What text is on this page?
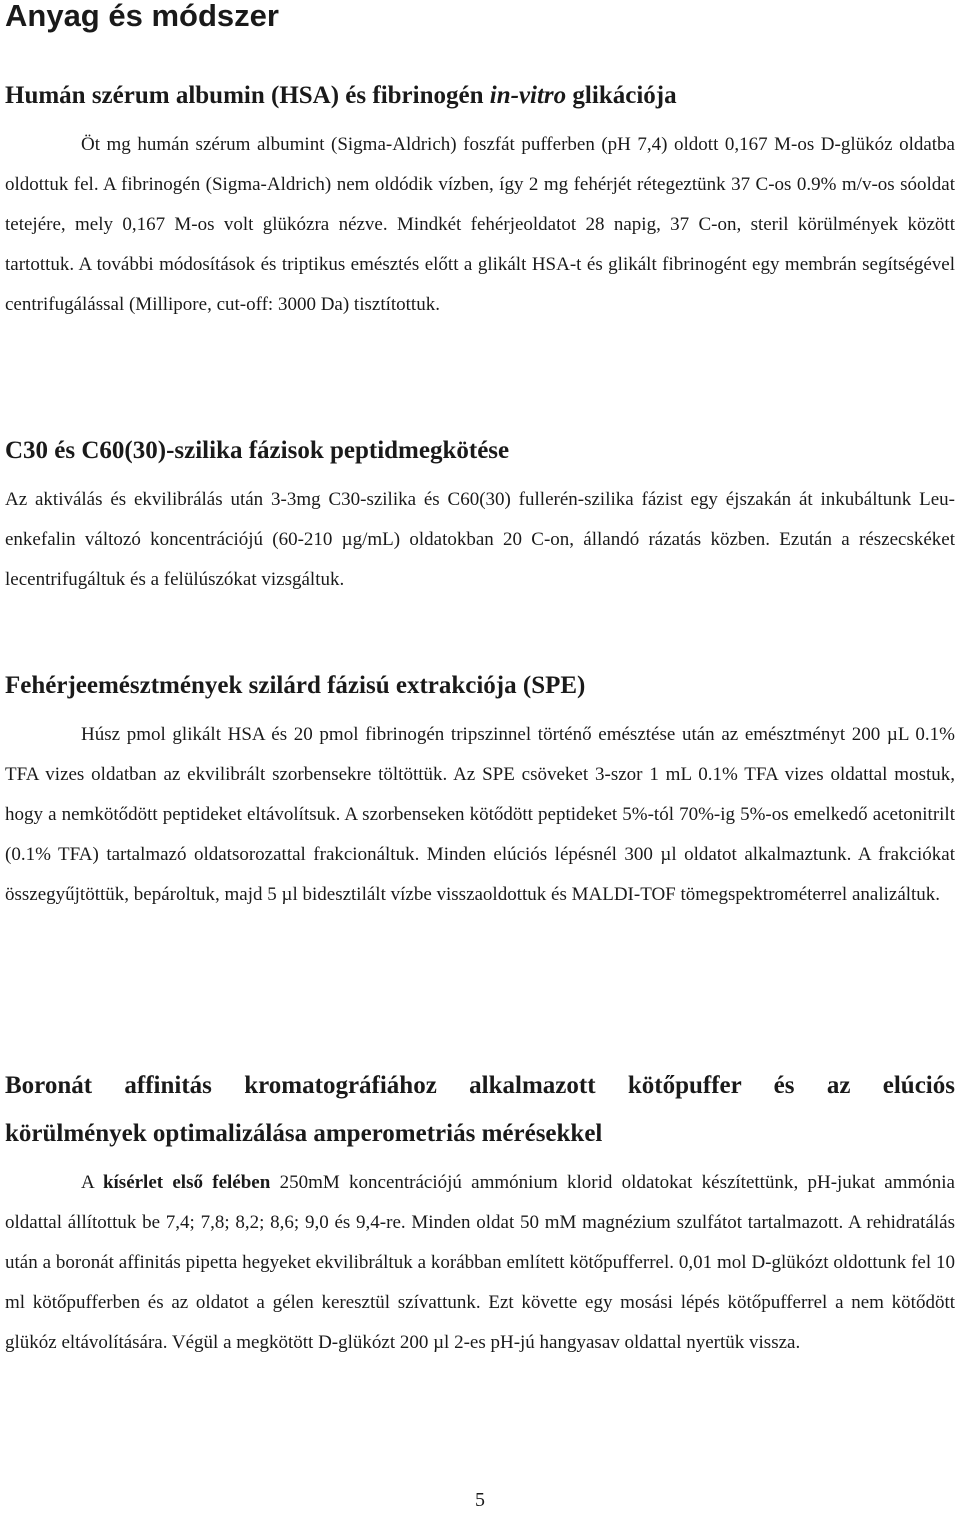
Anyag és módszer
Humán szérum albumin (HSA) és fibrinogén in-vitro glikációja

Öt mg humán szérum albumint (Sigma-Aldrich) foszfát pufferben (pH 7,4) oldott 0,167 M-os D-glükóz oldatba oldottuk fel. A fibrinogén (Sigma-Aldrich) nem oldódik vízben, így 2 mg fehérjét rétegeztünk 37 C-os 0.9% m/v-os sóoldat tetejére, mely 0,167 M-os volt glükózra nézve. Mindkét fehérjeoldatot 28 napig, 37 C-on, steril körülmények között tartottuk. A további módosítások és triptikus emésztés előtt a glikált HSA-t és glikált fibrinogént egy membrán segítségével centrifugálással (Millipore, cut-off: 3000 Da) tisztítottuk.

C30 és C60(30)-szilika fázisok peptidmegkötése

Az aktiválás és ekvilibrálás után 3-3mg C30-szilika és C60(30) fullerén-szilika fázist egy éjszakán át inkubáltunk Leu-enkefalin változó koncentrációjú (60-210 µg/mL) oldatokban 20 C-on, állandó rázatás közben. Ezután a részecskéket lecentrifugáltuk és a felülúszókat vizsgáltuk.

Fehérjeemésztmények szilárd fázisú extrakciója (SPE)

Húsz pmol glikált HSA és 20 pmol fibrinogén tripszinnel történő emésztése után az emésztményt 200 µL 0.1% TFA vizes oldatban az ekvilibrált szorbensekre töltöttük. Az SPE csöveket 3-szor 1 mL 0.1% TFA vizes oldattal mostuk, hogy a nemkötődött peptideket eltávolítsuk. A szorbenseken kötődött peptideket 5%-tól 70%-ig 5%-os emelkedő acetonitrilt (0.1% TFA) tartalmazó oldatsorozattal frakcionáltuk. Minden elúciós lépésnél 300 µl oldatot alkalmaztunk. A frakciókat összegyűjtöttük, bepároltuk, majd 5 µl bidesztilált vízbe visszaoldottuk és MALDI-TOF tömegspektrométerrel analizáltuk.

Boronát affinitás kromatográfiához alkalmazott kötőpuffer és az elúciós
körülmények optimalizálása amperometriás mérésekkel

A kísérlet első felében 250mM koncentrációjú ammónium klorid oldatokat készítettünk, pH-jukat ammónia oldattal állítottuk be 7,4; 7,8; 8,2; 8,6; 9,0 és 9,4-re. Minden oldat 50 mM magnézium szulfátot tartalmazott. A rehidratálás után a boronát affinitás pipetta hegyeket ekvilibráltuk a korábban említett kötőpufferrel. 0,01 mol D-glükózt oldottunk fel 10 ml kötőpufferben és az oldatot a gélen keresztül szívattunk. Ezt követte egy mosási lépés kötőpufferrel a nem kötődött glükóz eltávolítására. Végül a megkötött D-glükózt 200 µl 2-es pH-jú hangyasav oldattal nyertük vissza.

5
